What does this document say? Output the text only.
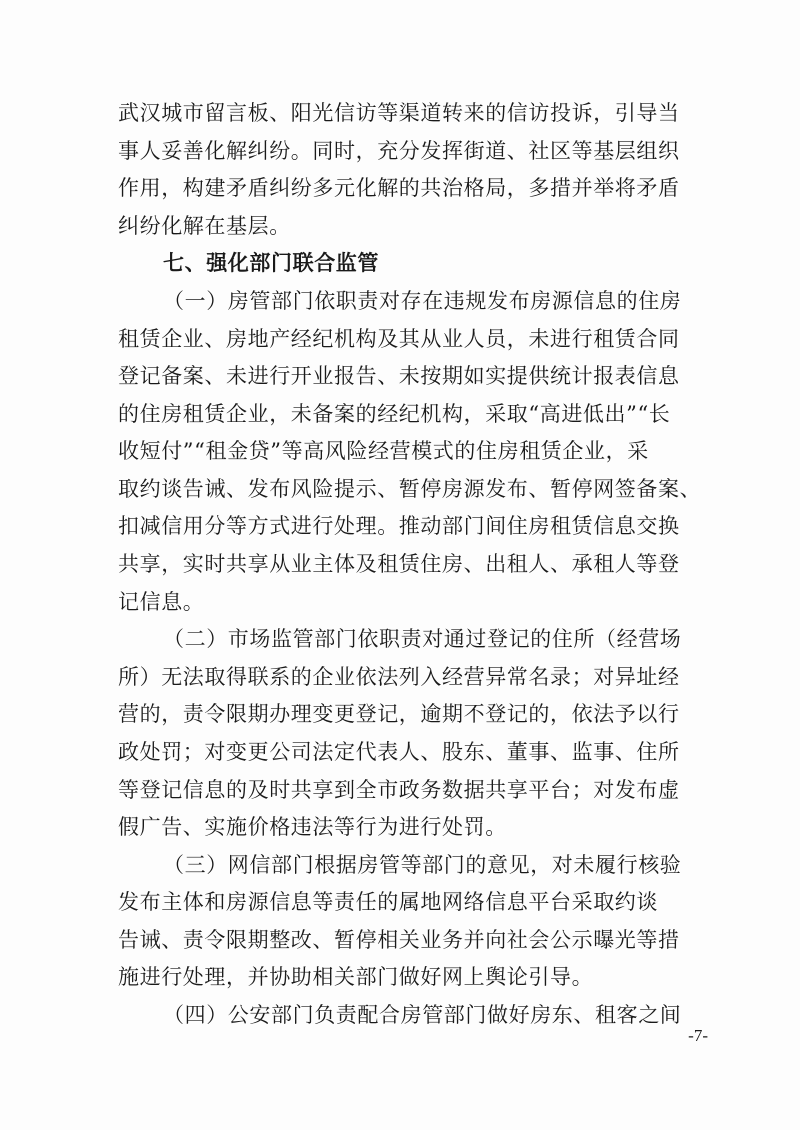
武汉城市留言板、阳光信访等渠道转来的信访投诉，引导当
事人妥善化解纠纷。同时，充分发挥街道、社区等基层组织
作用，构建矛盾纠纷多元化解的共治格局，多措并举将矛盾
纠纷化解在基层。
七、强化部门联合监管
（一）房管部门依职责对存在违规发布房源信息的住房
租赁企业、房地产经纪机构及其从业人员，未进行租赁合同
登记备案、未进行开业报告、未按期如实提供统计报表信息
的住房租赁企业，未备案的经纪机构，采取“高进低出”“长
收短付”“租金贷”等高风险经营模式的住房租赁企业，采
取约谈告诫、发布风险提示、暂停房源发布、暂停网签备案、
扣减信用分等方式进行处理。推动部门间住房租赁信息交换
共享，实时共享从业主体及租赁住房、出租人、承租人等登
记信息。
（二）市场监管部门依职责对通过登记的住所（经营场
所）无法取得联系的企业依法列入经营异常名录；对异址经
营的，责令限期办理变更登记，逾期不登记的，依法予以行
政处罚；对变更公司法定代表人、股东、董事、监事、住所
等登记信息的及时共享到全市政务数据共享平台；对发布虚
假广告、实施价格违法等行为进行处罚。
（三）网信部门根据房管等部门的意见，对未履行核验
发布主体和房源信息等责任的属地网络信息平台采取约谈
告诫、责令限期整改、暂停相关业务并向社会公示曝光等措
施进行处理，并协助相关部门做好网上舆论引导。
（四）公安部门负责配合房管部门做好房东、租客之间
-7-
